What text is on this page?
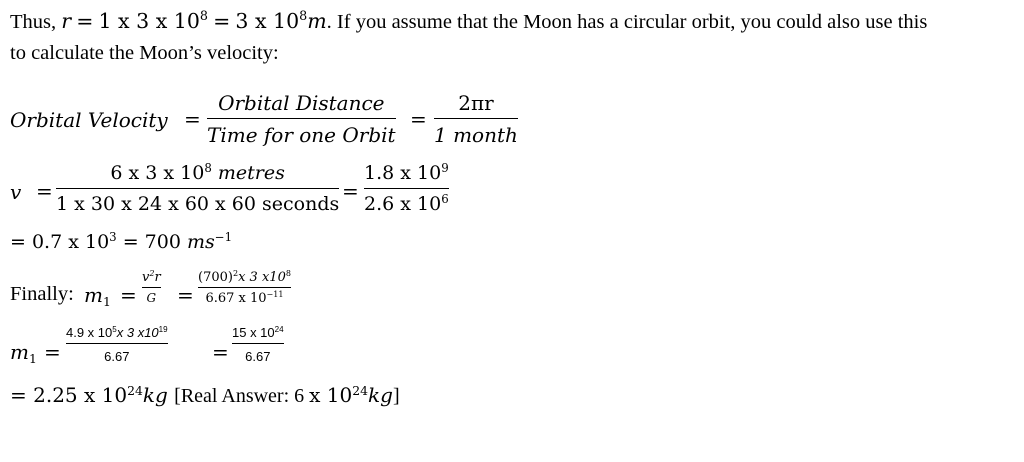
Thus, r = 1 x 3 x $10^8 = 3$ x $10^8m$. If you assume that the Moon has a circular orbit, you could also use this
to calculate the Moon’s velocity:
Orbital Velocity =
Orbital Distance
Time for one Orbit
=
2πr
1 month
v =
6 x 3 x $10^8$ metres
1 x 30 x 24 x 60 x 60 seconds
=
1.8 x $10^9$
2.6 x $10^6$
= 0.7 x $10^3 = 700$ $ms^{-1}$
Finally: $m_1$ =
$v^2r$
G =
$(700)^2x$ 3 $x10^8$
6.67 x $10^{-11}$
$m_1$ =
4.9 x $10^5x$ 3 $x10^{19}$
6.67	=
15 x $10^{24}$
6.67
= 2.25 x $10^{24}kg$ [Real Answer: 6 x $10^{24}kg$]
